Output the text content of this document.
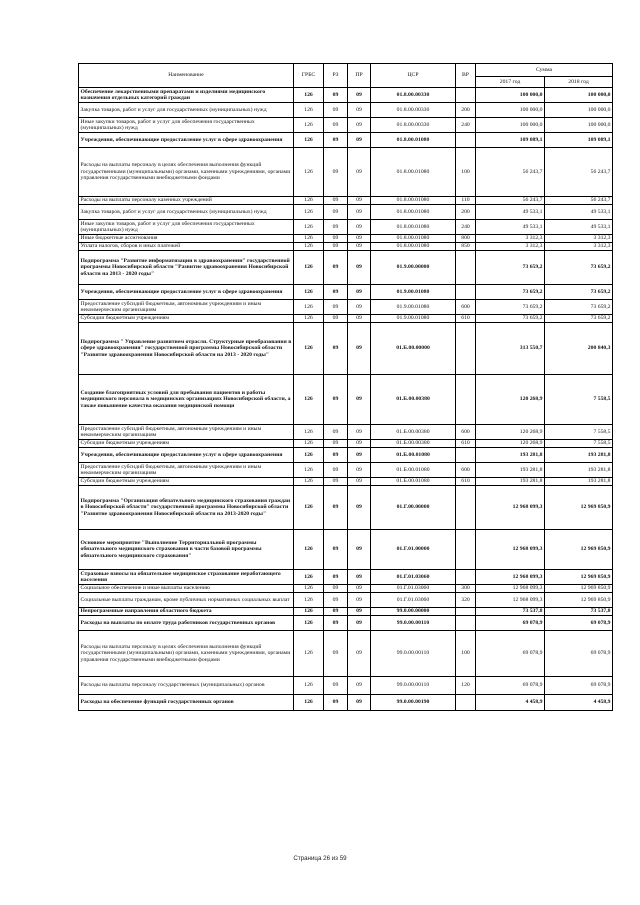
Наименование	ГРБС	РЗ	ПР	ЦСР	ВР	Сумма	
						2017 год	2018 год
Обеспечение лекарственными препаратами и изделиями медицинского назначения отдельных категорий граждан	126	09	09	01.8.00.00330		100 000,0	100 000,0
Закупка товаров, работ и услуг для государственных (муниципальных) нужд	126	09	09	01.8.00.00330	200	100 000,0	100 000,0
Иные закупки товаров, работ и услуг для обеспечения государственных (муниципальных) нужд	126	09	09	01.8.00.00330	240	100 000,0	100 000,0
Учреждения, обеспечивающие предоставление услуг в сфере здравоохранения	126	09	09	01.8.00.01080		109 089,1	109 089,1
Расходы на выплаты персоналу в целях обеспечения выполнения функций государственными (муниципальными) органами, казенными учреждениями, органами управления государственными внебюджетными фондами	126	09	09	01.8.00.01080	100	56 243,7	56 243,7
Расходы на выплаты персоналу казенных учреждений	126	09	09	01.8.00.01080	110	56 243,7	56 243,7
Закупка товаров, работ и услуг для государственных (муниципальных) нужд	126	09	09	01.8.00.01080	200	49 533,1	49 533,1
Иные закупки товаров, работ и услуг для обеспечения государственных (муниципальных) нужд	126	09	09	01.8.00.01080	240	49 533,1	49 533,1
Иные бюджетные ассигнования	126	09	09	01.8.00.01080	800	3 312,3	3 312,3
Уплата налогов, сборов и иных платежей	126	09	09	01.8.00.01080	850	3 312,3	3 312,3
Подпрограмма "Развитие информатизации в здравоохранении" государственной программы Новосибирской области "Развитие здравоохранения Новосибирской области на 2013 - 2020 годы"	126	09	09	01.9.00.00000		73 659,2	73 659,2
Учреждения, обеспечивающие предоставление услуг в сфере здравоохранения	126	09	09	01.9.00.01080		73 659,2	73 659,2
Предоставление субсидий бюджетным, автономным учреждениям и иным некоммерческим организациям	126	09	09	01.9.00.01080	600	73 659,2	73 659,2
Субсидии бюджетным учреждениям	126	09	09	01.9.00.01080	610	73 659,2	73 659,2
Подпрограмма " Управление развитием отрасли. Структурные преобразования в сфере здравоохранения" государственной программы Новосибирской области "Развитие здравоохранения Новосибирской области на 2013 - 2020 годы"	126	09	09	01.Б.00.00000		313 550,7	200 840,3
Создание благоприятных условий для пребывания пациентов и работы медицинского персонала в медицинских организациях Новосибирской области, а также повышение качества оказания медицинской помощи	126	09	09	01.Б.00.00380		120 268,9	7 558,5
Предоставление субсидий бюджетным, автономным учреждениям и иным некоммерческим организациям	126	09	09	01.Б.00.00380	600	120 268,9	7 558,5
Субсидии бюджетным учреждениям	126	09	09	01.Б.00.00380	610	120 268,9	7 558,5
Учреждения, обеспечивающие предоставление услуг в сфере здравоохранения	126	09	09	01.Б.00.01080		193 281,8	193 281,8
Предоставление субсидий бюджетным, автономным учреждениям и иным некоммерческим организациям	126	09	09	01.Б.00.01080	600	193 281,8	193 281,8
Субсидии бюджетным учреждениям	126	09	09	01.Б.00.01080	610	193 281,8	193 281,8
Подпрограмма "Организация обязательного медицинского страхования граждан в Новосибирской области" государственной программы Новосибирской области "Развитие здравоохранения Новосибирской области на 2013-2020 годы"	126	09	09	01.Г.00.00000		12 968 099,3	12 969 850,9
Основное мероприятие "Выполнение Территориальной программы обязательного медицинского страхования в части базовой программы обязательного медицинского страхования"	126	09	09	01.Г.01.00000		12 968 099,3	12 969 850,9
Страховые взносы на обязательное медицинское страхование неработающего населения	126	09	09	01.Г.01.03060		12 968 099,3	12 969 850,9
Социальное обеспечение и иные выплаты населению	126	09	09	01.Г.01.03060	300	12 968 099,3	12 969 850,9
Социальные выплаты гражданам, кроме публичных нормативных социальных выплат	126	09	09	01.Г.01.03060	320	12 968 099,3	12 969 850,9
Непрограммные направления областного бюджета	126	09	09	99.0.00.00000		73 537,8	73 537,8
Расходы на выплаты по оплате труда работников государственных органов	126	09	09	99.0.00.00110		69 078,9	69 078,9
Расходы на выплаты персоналу в целях обеспечения выполнения функций государственными (муниципальными) органами, казенными учреждениями, органами управления государственными внебюджетными фондами	126	09	09	99.0.00.00110	100	69 078,9	69 078,9
Расходы на выплаты персоналу государственных (муниципальных) органов	126	09	09	99.0.00.00110	120	69 078,9	69 078,9
Расходы на обеспечение функций государственных органов	126	09	09	99.0.00.00190		4 458,9	4 458,9
Страница 26 из 59
